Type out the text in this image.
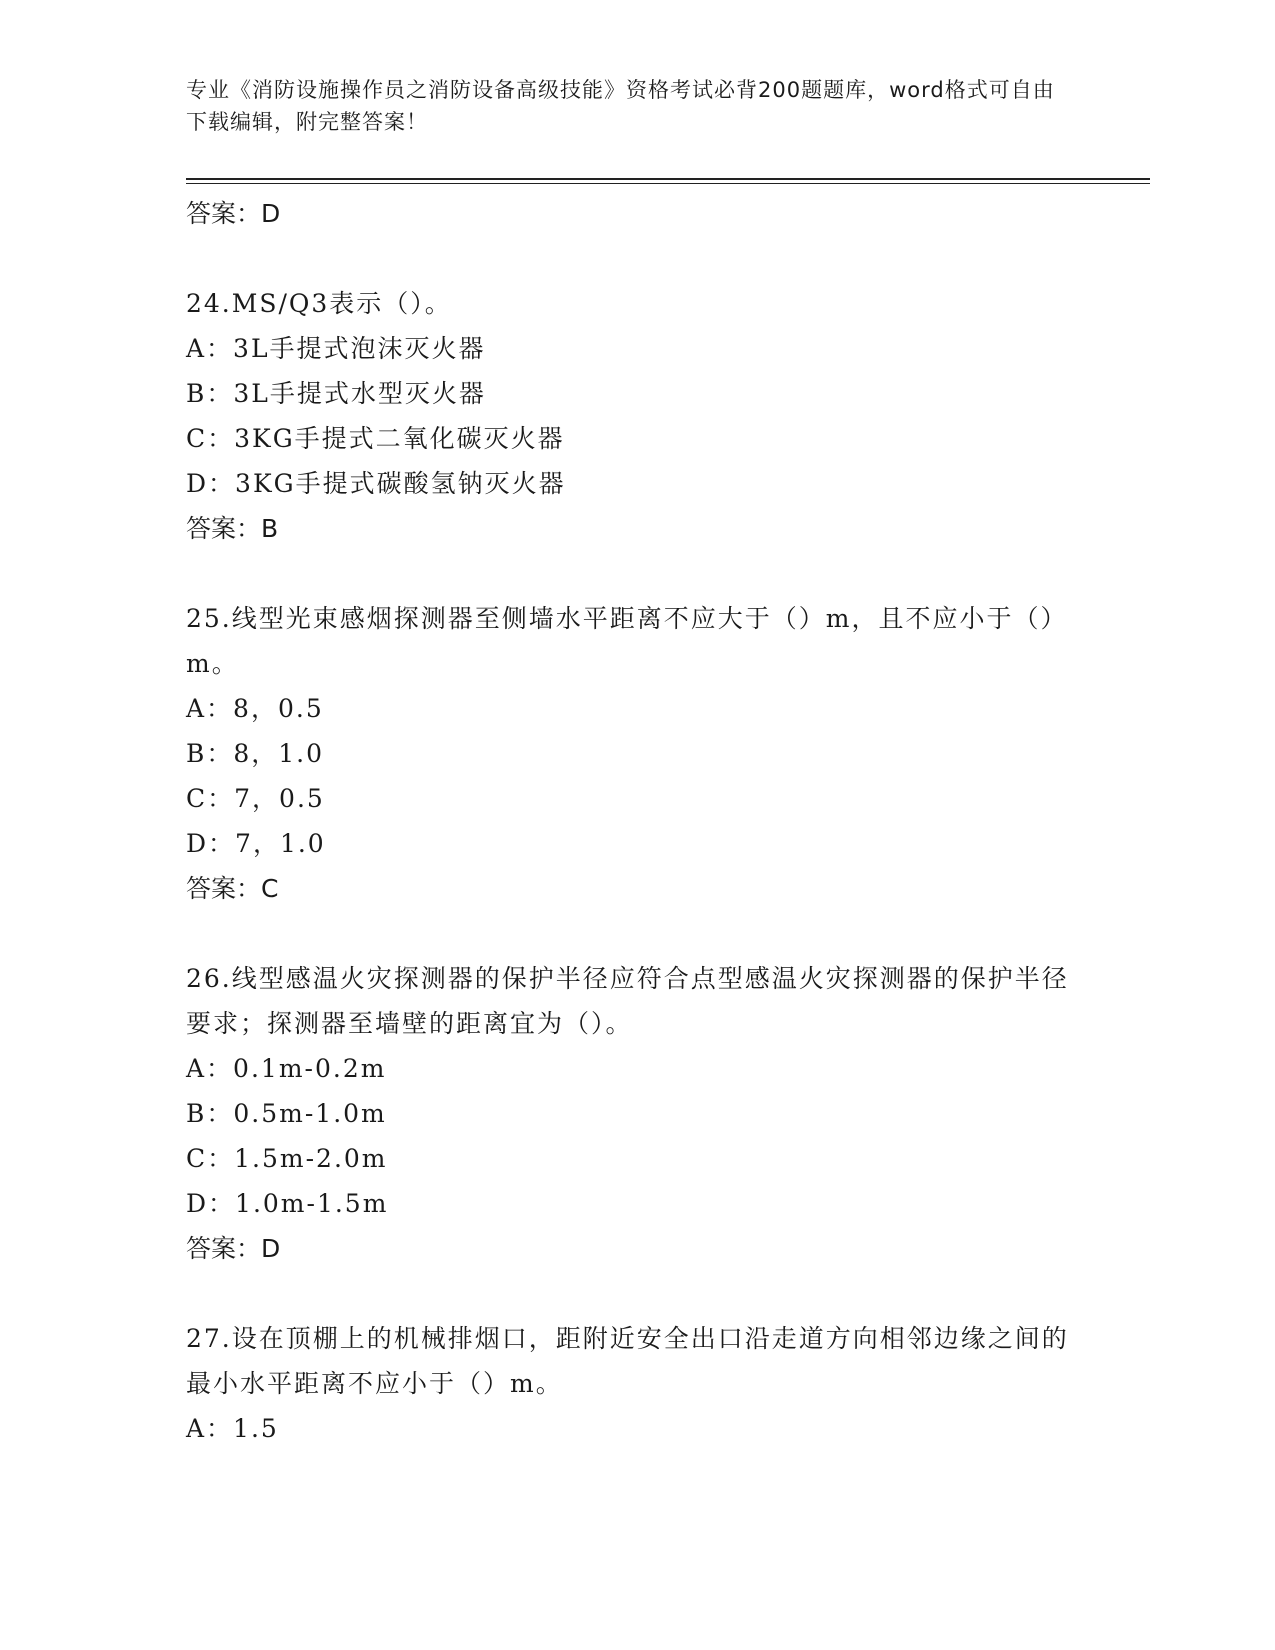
专业《消防设施操作员之消防设备高级技能》资格考试必背200题题库，word格式可自由下载编辑，附完整答案！
答案：D
24.MS/Q3表示（）。
A：3L手提式泡沫灭火器
B：3L手提式水型灭火器
C：3KG手提式二氧化碳灭火器
D：3KG手提式碳酸氢钠灭火器
答案：B
25.线型光束感烟探测器至侧墙水平距离不应大于（）m，且不应小于（）m。
A：8，0.5
B：8，1.0
C：7，0.5
D：7，1.0
答案：C
26.线型感温火灾探测器的保护半径应符合点型感温火灾探测器的保护半径要求；探测器至墙壁的距离宜为（）。
A：0.1m-0.2m
B：0.5m-1.0m
C：1.5m-2.0m
D：1.0m-1.5m
答案：D
27.设在顶棚上的机械排烟口，距附近安全出口沿走道方向相邻边缘之间的最小水平距离不应小于（）m。
A：1.5
